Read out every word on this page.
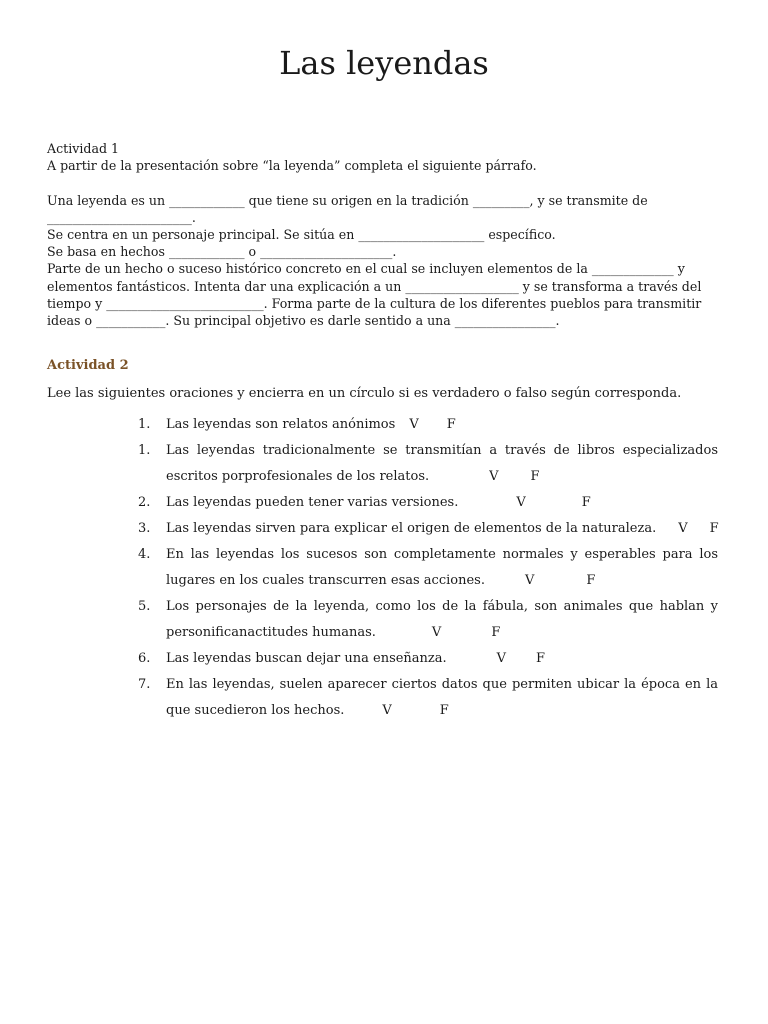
Las leyendas
Actividad 1
A partir de la presentación sobre “la leyenda” completa el siguiente párrafo.
Una leyenda es un ____________ que tiene su origen en la tradición _________, y se transmite de
_______________________.
Se centra en un personaje principal. Se sitúa en ____________________ específico.
Se basa en hechos ____________ o _____________________.
Parte de un hecho o suceso histórico concreto en el cual se incluyen elementos de la _____________ y
elementos fantásticos. Intenta dar una explicación a un __________________ y se transforma a través del
tiempo y _________________________. Forma parte de la cultura de los diferentes pueblos para transmitir
ideas o ___________. Su principal objetivo es darle sentido a una ________________.
Actividad 2
Lee las siguientes oraciones y encierra en un círculo si es verdadero o falso según corresponda.
1. Las leyendas son relatos anónimos V F
1. Las leyendas tradicionalmente se transmitían a través de libros especializados escritos porprofesionales de los relatos.	V F
2. Las leyendas pueden tener varias versiones.	V	F
3. Las leyendas sirven para explicar el origen de elementos de la naturaleza. V F
4. En las leyendas los sucesos son completamente normales y esperables para los lugares en los cuales transcurren esas acciones.	V	F
5. Los personajes de la leyenda, como los de la fábula, son animales que hablan y personificanactitudes humanas.	V	F
6. Las leyendas buscan dejar una enseñanza.	V F
7. En las leyendas, suelen aparecer ciertos datos que permiten ubicar la época en la que sucedieron los hechos.	V	F
